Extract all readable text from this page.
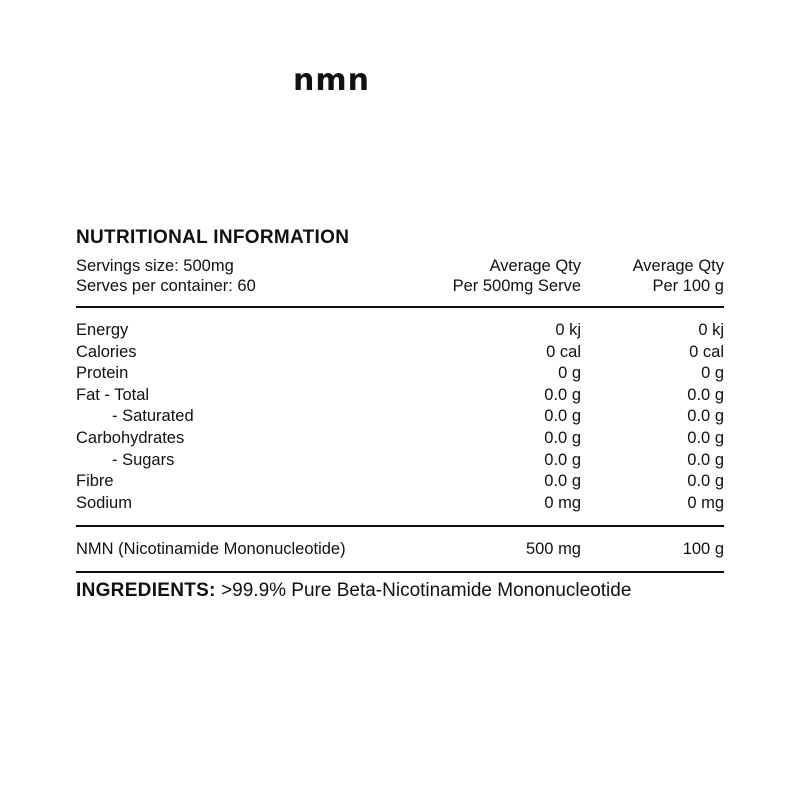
nmn
NUTRITIONAL INFORMATION
Servings size: 500mg	Average Qty	Average Qty
Serves per container: 60	Per 500mg Serve	Per 100 g
Energy	0 kj	0 kj
Calories	0 cal	0 cal
Protein	0 g	0 g
Fat - Total	0.0 g	0.0 g
- Saturated	0.0 g	0.0 g
Carbohydrates	0.0 g	0.0 g
- Sugars	0.0 g	0.0 g
Fibre	0.0 g	0.0 g
Sodium	0 mg	0 mg
NMN (Nicotinamide Mononucleotide)	500 mg	100 g
INGREDIENTS: >99.9% Pure Beta-Nicotinamide Mononucleotide
